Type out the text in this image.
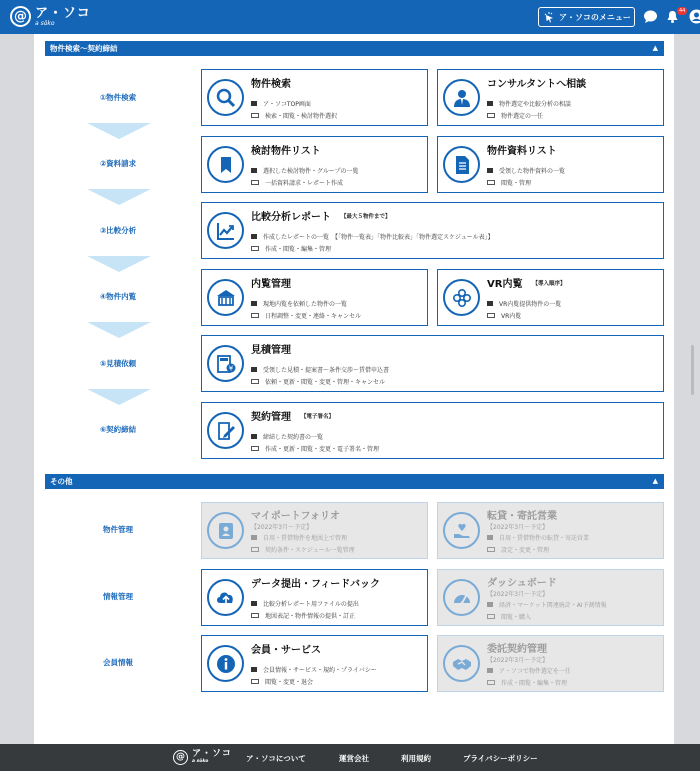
@ ア・ソコ
a sōko
ア・ソコのメニュー
44
物件検索〜契約締結	▲
①物件検索
②資料請求
③比較分析
④物件内覧
⑤見積依頼
⑥契約締結
物件検索
ア・ソコTOP画面
検索・閲覧・検討物件選択
コンサルタントへ相談
物件選定や比較分析の相談
物件選定の一任
検討物件リスト
選択した検討物件・グループの一覧
一括資料請求・レポート作成
物件資料リスト
受領した物件資料の一覧
閲覧・管理
比較分析レポート $^{【最大5物件まで】}$
作成したレポートの一覧　【「物件一覧表」「物件比較表」「物件選定スケジュール表」】
作成・閲覧・編集・管理
内覧管理
現地内覧を依頼した物件の一覧
日程調整・変更・連絡・キャンセル
VR内覧 $^{【導入順序】}$
VR内覧提供物件の一覧
VR内覧
¥
見積管理
受領した見積・提案書〜条件交渉〜賃借申込書
依頼・更新・閲覧・変更・管理・キャンセル
契約管理 $^{【電子署名】}$
締結した契約書の一覧
作成・更新・閲覧・変更・電子署名・管理
その他	▲
物件管理
情報管理
会員情報
マイポートフォリオ
【2022年3月〜予定】
自用・賃借物件を地図上で管理
契約条件・スケジュール一覧管理
転貸・寄託営業
【2022年3月〜予定】
自用・賃借物件の転貸・寄託営業
設定・変更・管理
データ提出・フィードバック
比較分析レポート用ファイルの提出
地図表記・物件情報の提供・訂正
ダッシュボード
【2022年3月〜予定】
経済・マーケット関連統計・AI予測情報
閲覧・購入
会員・サービス
会員情報・サービス・規約・プライバシー
閲覧・変更・退会
委託契約管理
【2022年3月〜予定】
ア・ソコで物件選定を一任
作成・閲覧・編集・管理
@ ア・ソコ
a sōko	ア・ソコについて	運営会社	利用規約	プライバシーポリシー
